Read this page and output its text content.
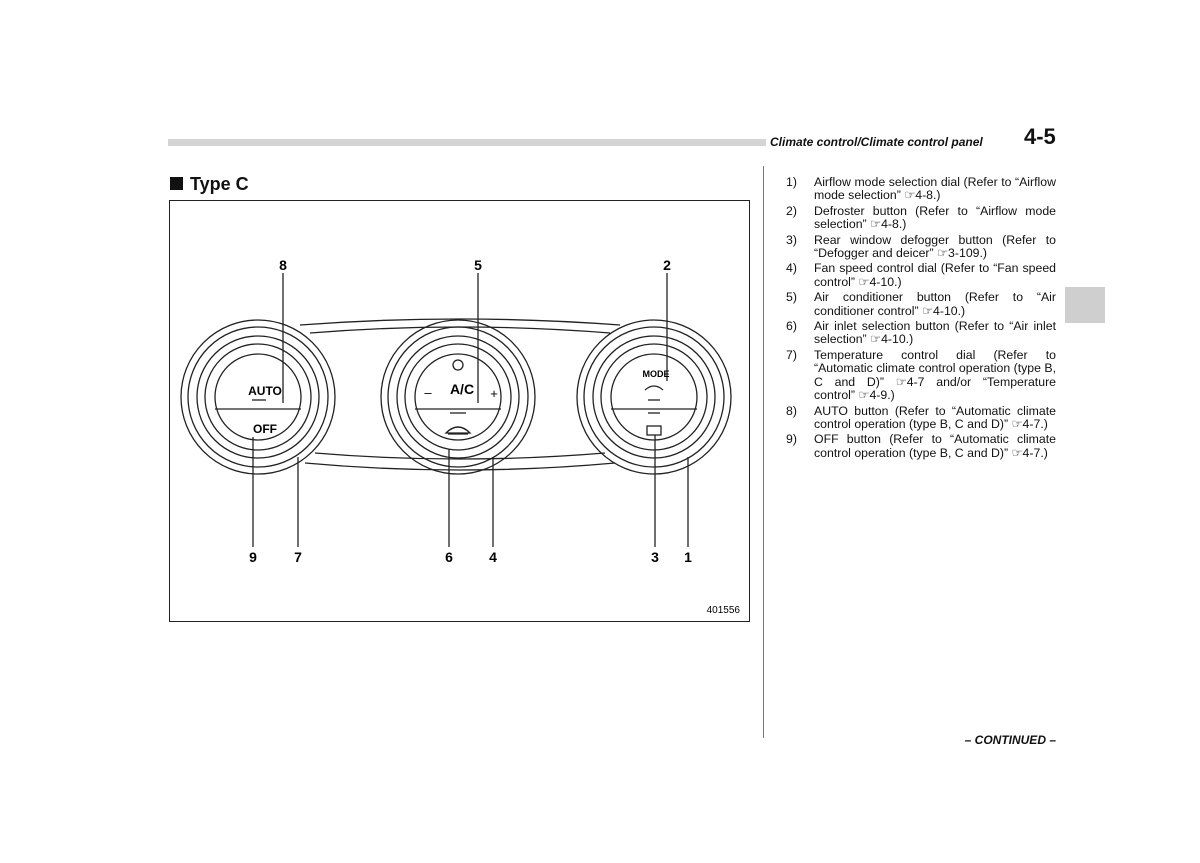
Climate control/Climate control panel	4-5
Type C
AUTO
OFF
A/C
–	+
MODE
8	5	2
9	7	6	4	3 1
401556
1)	Airflow mode selection dial (Refer to “Airflow mode selection” ☞4-8.)
2)	Defroster button (Refer to “Airflow mode selection” ☞4-8.)
3)	Rear window defogger button (Refer to “Defogger and deicer” ☞3-109.)
4)	Fan speed control dial (Refer to “Fan speed control” ☞4-10.)
5)	Air conditioner button (Refer to “Air conditioner control” ☞4-10.)
6)	Air inlet selection button (Refer to “Air inlet selection” ☞4-10.)
7)	Temperature control dial (Refer to “Automatic climate control operation (type B, C and D)” ☞4-7 and/or “Temperature control” ☞4-9.)
8)	AUTO button (Refer to “Automatic climate control operation (type B, C and D)” ☞4-7.)
9)	OFF button (Refer to “Automatic climate control operation (type B, C and D)” ☞4-7.)
– CONTINUED –
